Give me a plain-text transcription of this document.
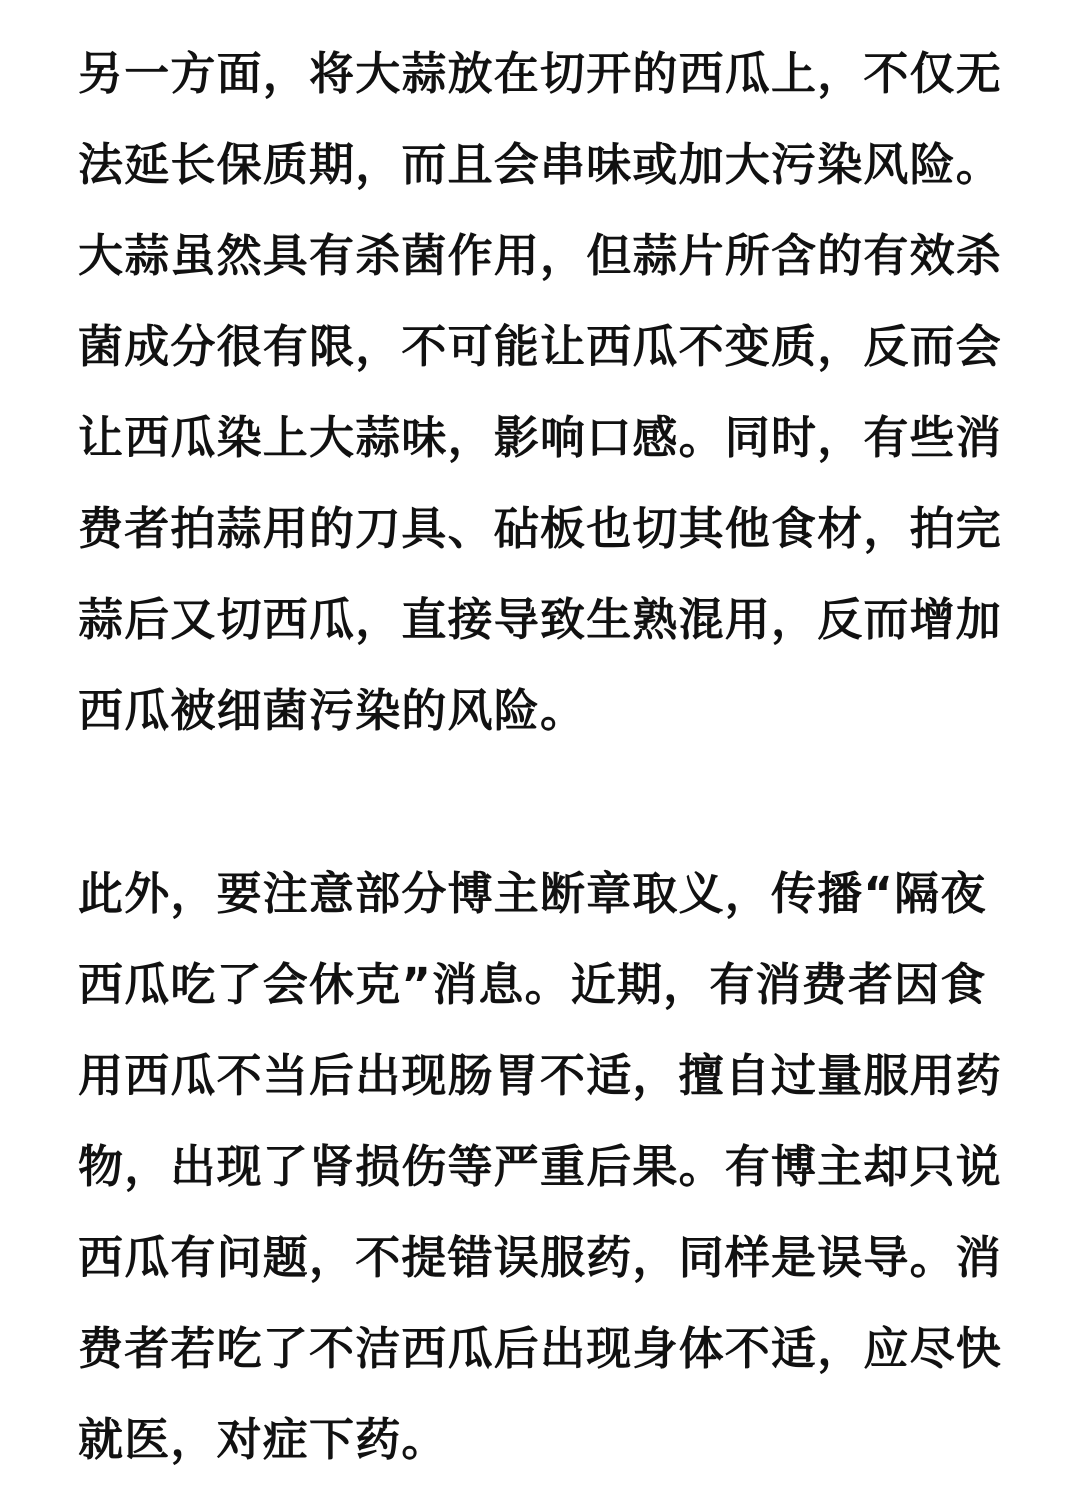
另一方面，将大蒜放在切开的西瓜上，不仅无
法延长保质期，而且会串味或加大污染风险。
大蒜虽然具有杀菌作用，但蒜片所含的有效杀
菌成分很有限，不可能让西瓜不变质，反而会
让西瓜染上大蒜味，影响口感。同时，有些消
费者拍蒜用的刀具、砧板也切其他食材，拍完
蒜后又切西瓜，直接导致生熟混用，反而增加
西瓜被细菌污染的风险。

此外，要注意部分博主断章取义，传播“隔夜
西瓜吃了会休克”消息。近期，有消费者因食
用西瓜不当后出现肠胃不适，擅自过量服用药
物，出现了肾损伤等严重后果。有博主却只说
西瓜有问题，不提错误服药，同样是误导。消
费者若吃了不洁西瓜后出现身体不适，应尽快
就医，对症下药。
